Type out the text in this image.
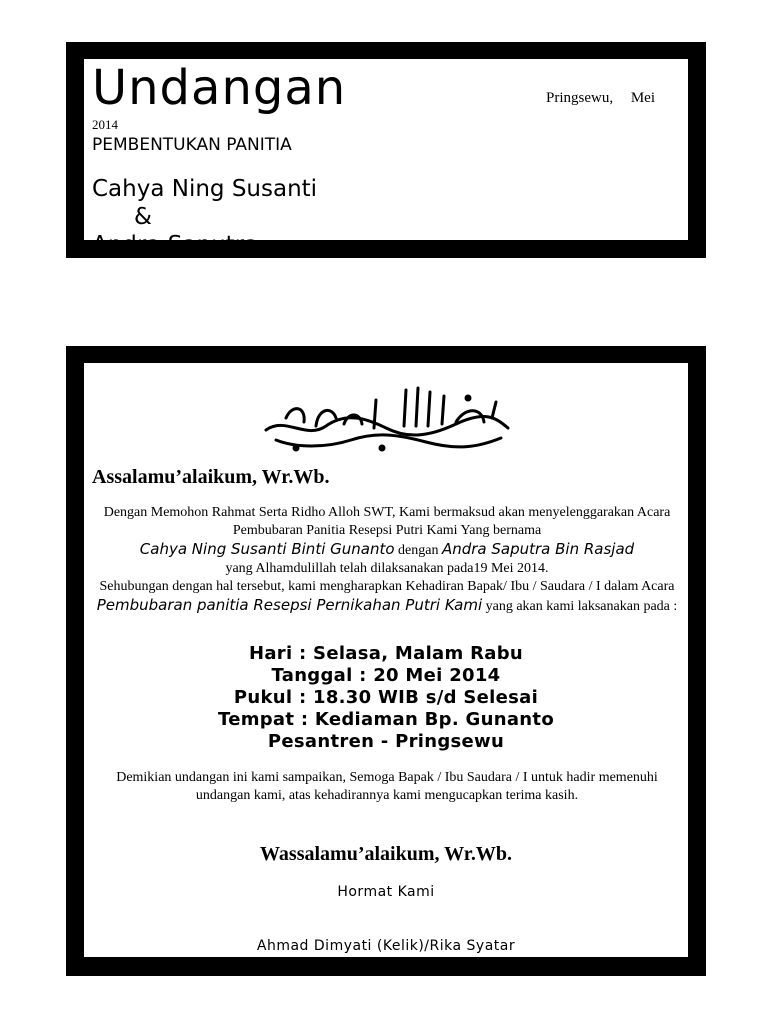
Undangan	Pringsewu, Mei
2014
PEMBENTUKAN PANITIA
Cahya Ning Susanti
&
Andra Saputra
Assalamu’alaikum, Wr.Wb.
Dengan Memohon Rahmat Serta Ridho Alloh SWT, Kami bermaksud akan menyelenggarakan Acara Pembubaran Panitia Resepsi Putri Kami Yang bernama
Cahya Ning Susanti Binti Gunanto dengan Andra Saputra Bin Rasjad
yang Alhamdulillah telah dilaksanakan pada19 Mei 2014.
Sehubungan dengan hal tersebut, kami mengharapkan Kehadiran Bapak/ Ibu / Saudara / I dalam Acara Pembubaran panitia Resepsi Pernikahan Putri Kami yang akan kami laksanakan pada :
Hari : Selasa, Malam Rabu
Tanggal : 20 Mei 2014
Pukul : 18.30 WIB s/d Selesai
Tempat : Kediaman Bp. Gunanto
Pesantren - Pringsewu
Demikian undangan ini kami sampaikan, Semoga Bapak / Ibu Saudara / I untuk hadir memenuhi undangan kami, atas kehadirannya kami mengucapkan terima kasih.
Wassalamu’alaikum, Wr.Wb.
Hormat Kami
Ahmad Dimyati (Kelik)/Rika Syatar
